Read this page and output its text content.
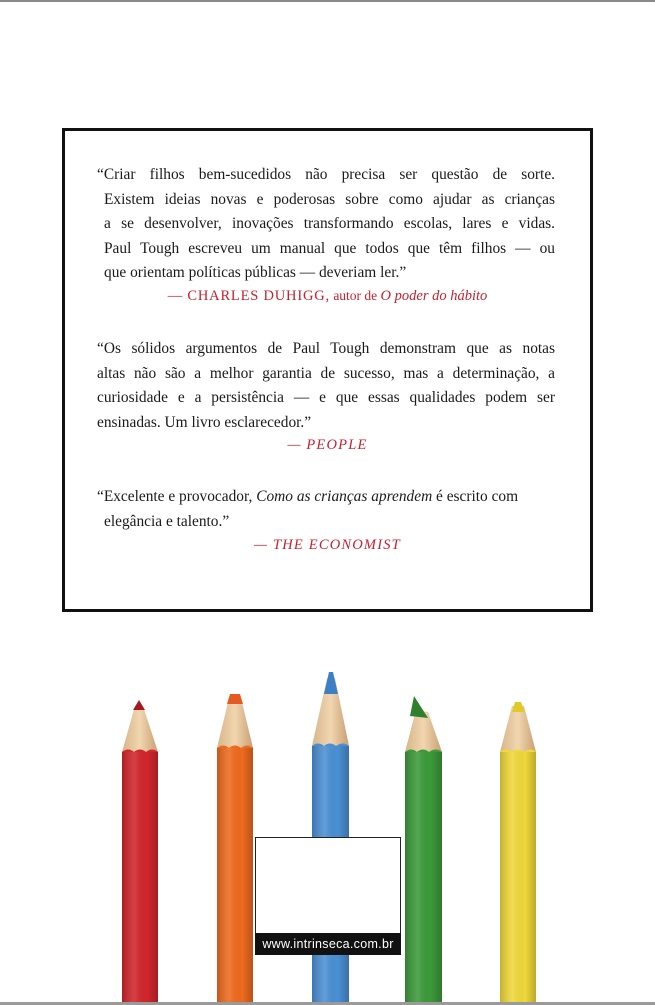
“Criar filhos bem-sucedidos não precisa ser questão de sorte.
Existem ideias novas e poderosas sobre como ajudar as crianças
a se desenvolver, inovações transformando escolas, lares e vidas.
Paul Tough escreveu um manual que todos que têm filhos — ou
que orientam políticas públicas — deveriam ler.”
— CHARLES DUHIGG, autor de O poder do hábito
“Os sólidos argumentos de Paul Tough demonstram que as notas
altas não são a melhor garantia de sucesso, mas a determinação, a
curiosidade e a persistência — e que essas qualidades podem ser
ensinadas. Um livro esclarecedor.”
— PEOPLE
“Excelente e provocador, Como as crianças aprendem é escrito com
elegância e talento.”
— THE ECONOMIST
www.intrinseca.com.br
